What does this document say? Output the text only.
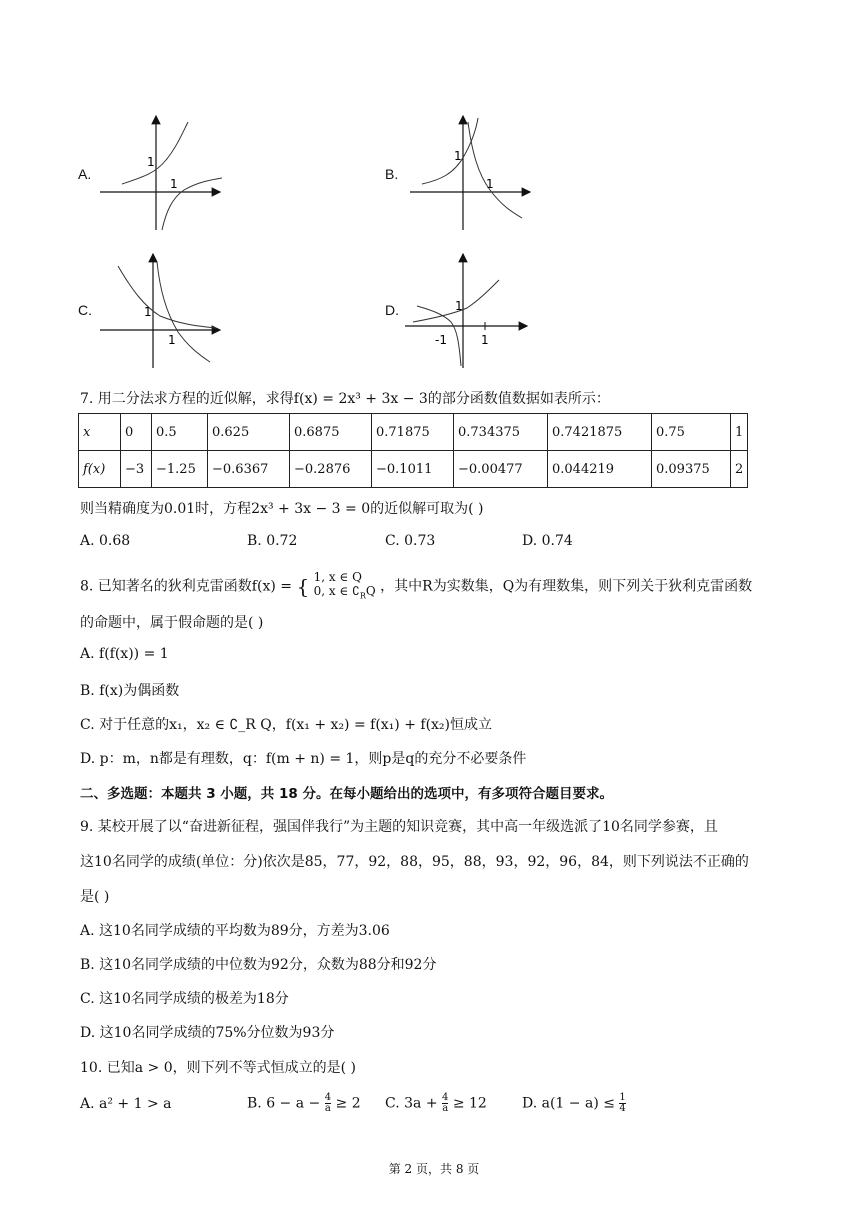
A.
1
1
B.
1
1
C.	1
1
D.	1
-1	1
7. 用二分法求方程的近似解，求得f(x) = 2x³ + 3x − 3的部分函数值数据如表所示：
x	0	0.5	0.625	0.6875	0.71875	0.734375	0.7421875	0.75	1
f(x)	−3	−1.25	−0.6367	−0.2876	−0.1011	−0.00477	0.044219	0.09375	2
则当精确度为0.01时，方程2x³ + 3x − 3 = 0的近似解可取为( )
A. 0.68	B. 0.72	C. 0.73	D. 0.74
8. 已知著名的狄利克雷函数f(x) = { 1, x ∈ Q
0, x ∈ $∁_RQ$ ，其中R为实数集，Q为有理数集，则下列关于狄利克雷函数
的命题中，属于假命题的是( )
A. f(f(x)) = 1
B. f(x)为偶函数
C. 对于任意的x₁，x₂ ∈ ∁_R Q，f(x₁ + x₂) = f(x₁) + f(x₂)恒成立
D. p：m，n都是有理数，q：f(m + n) = 1，则p是q的充分不必要条件
二、多选题：本题共 3 小题，共 18 分。在每小题给出的选项中，有多项符合题目要求。
9. 某校开展了以“奋进新征程，强国伴我行”为主题的知识竞赛，其中高一年级选派了10名同学参赛，且
这10名同学的成绩(单位：分)依次是85，77，92，88，95，88，93，92，96，84，则下列说法不正确的
是( )
A. 这10名同学成绩的平均数为89分，方差为3.06
B. 这10名同学成绩的中位数为92分，众数为88分和92分
C. 这10名同学成绩的极差为18分
D. 这10名同学成绩的75%分位数为93分
10. 已知a > 0，则下列不等式恒成立的是( )
A. a² + 1 > a	B. $6 - a - \frac{4}{a} \ge 2$ C. $3a + \frac{4}{a} \ge 12$	D. $a(1 - a) \le \frac{1}{4}$
第 2 页，共 8 页
